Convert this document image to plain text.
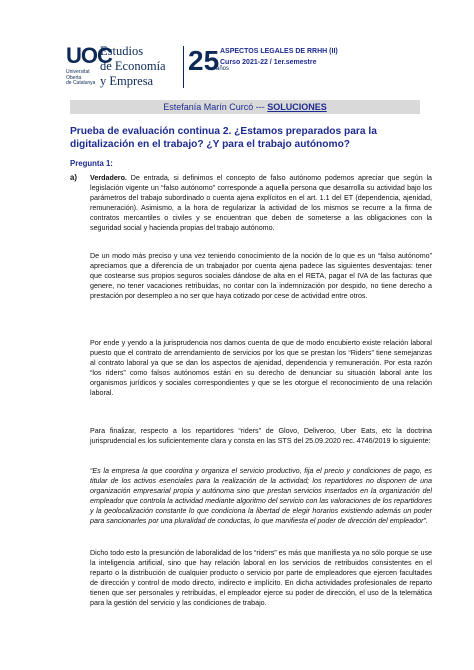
UOC
Universitat
Oberta
de Catalunya
Estudios
de Economía
y Empresa
25
años
ASPECTOS LEGALES DE RRHH (II)
Curso 2021-22 / 1er.semestre
Estefanía Marín Curcó --- SOLUCIONES
Prueba de evaluación continua 2. ¿Estamos preparados para la digitalización en el trabajo? ¿Y para el trabajo autónomo?
Pregunta 1:
a) Verdadero. De entrada, si definimos el concepto de falso autónomo podemos apreciar que según la legislación vigente un “falso autónomo” corresponde a aquella persona que desarrolla su actividad bajo los parámetros del trabajo subordinado o cuenta ajena explícitos en el art. 1.1 del ET (dependencia, ajenidad, remuneración). Asimismo, a la hora de regularizar la actividad de los mismos se recurre a la firma de contratos mercantiles o civiles y se encuentran que deben de someterse a las obligaciones con la seguridad social y hacienda propias del trabajo autónomo.
De un modo más preciso y una vez teniendo conocimiento de la noción de lo que es un “falso autónomo” apreciamos que a diferencia de un trabajador por cuenta ajena padece las siguientes desventajas: tener que costearse sus propios seguros sociales dándose de alta en el RETA, pagar el IVA de las facturas que genere, no tener vacaciones retribuidas, no contar con la indemnización por despido, no tiene derecho a prestación por desempleo a no ser que haya cotizado por cese de actividad entre otros.
Por ende y yendo a la jurisprudencia nos damos cuenta de que de modo encubierto existe relación laboral puesto que el contrato de arrendamiento de servicios por los que se prestan los “Riders” tiene semejanzas al contrato laboral ya que se dan los aspectos de ajenidad, dependencia y remuneración. Por esta razón “los riders” como falsos autónomos están en su derecho de denunciar su situación laboral ante los organismos jurídicos y sociales correspondientes y que se les otorgue el reconocimiento de una relación laboral.
Para finalizar, respecto a los repartidores “riders” de Glovo, Deliveroo, Uber Eats, etc la doctrina jurisprudencial es los suficientemente clara y consta en las STS del 25.09.2020 rec. 4746/2019 lo siguiente:
“Es la empresa la que coordina y organiza el servicio productivo, fija el precio y condiciones de pago, es titular de los activos esenciales para la realización de la actividad; los repartidores no disponen de una organización empresarial propia y autónoma sino que prestan servicios insertados en la organización del empleador que controla la actividad mediante algoritmo del servicio con las valoraciones de los repartidores y la geolocalización constante lo que condiciona la libertad de elegir horarios existiendo además un poder para sancionarles por una pluralidad de conductas, lo que manifiesta el poder de dirección del empleador”.
Dicho todo esto la presunción de laboralidad de los “riders” es más que manifiesta ya no sólo porque se use la inteligencia artificial, sino que hay relación laboral en los servicios de retribuidos consistentes en el reparto o la distribución de cualquier producto o servicio por parte de empleadores que ejercen facultades de dirección y control de modo directo, indirecto e implícito. En dicha actividades profesionales de reparto tienen que ser personales y retribuidas, el empleador ejerce su poder de dirección, el uso de la telemática para la gestión del servicio y las condiciones de trabajo.
